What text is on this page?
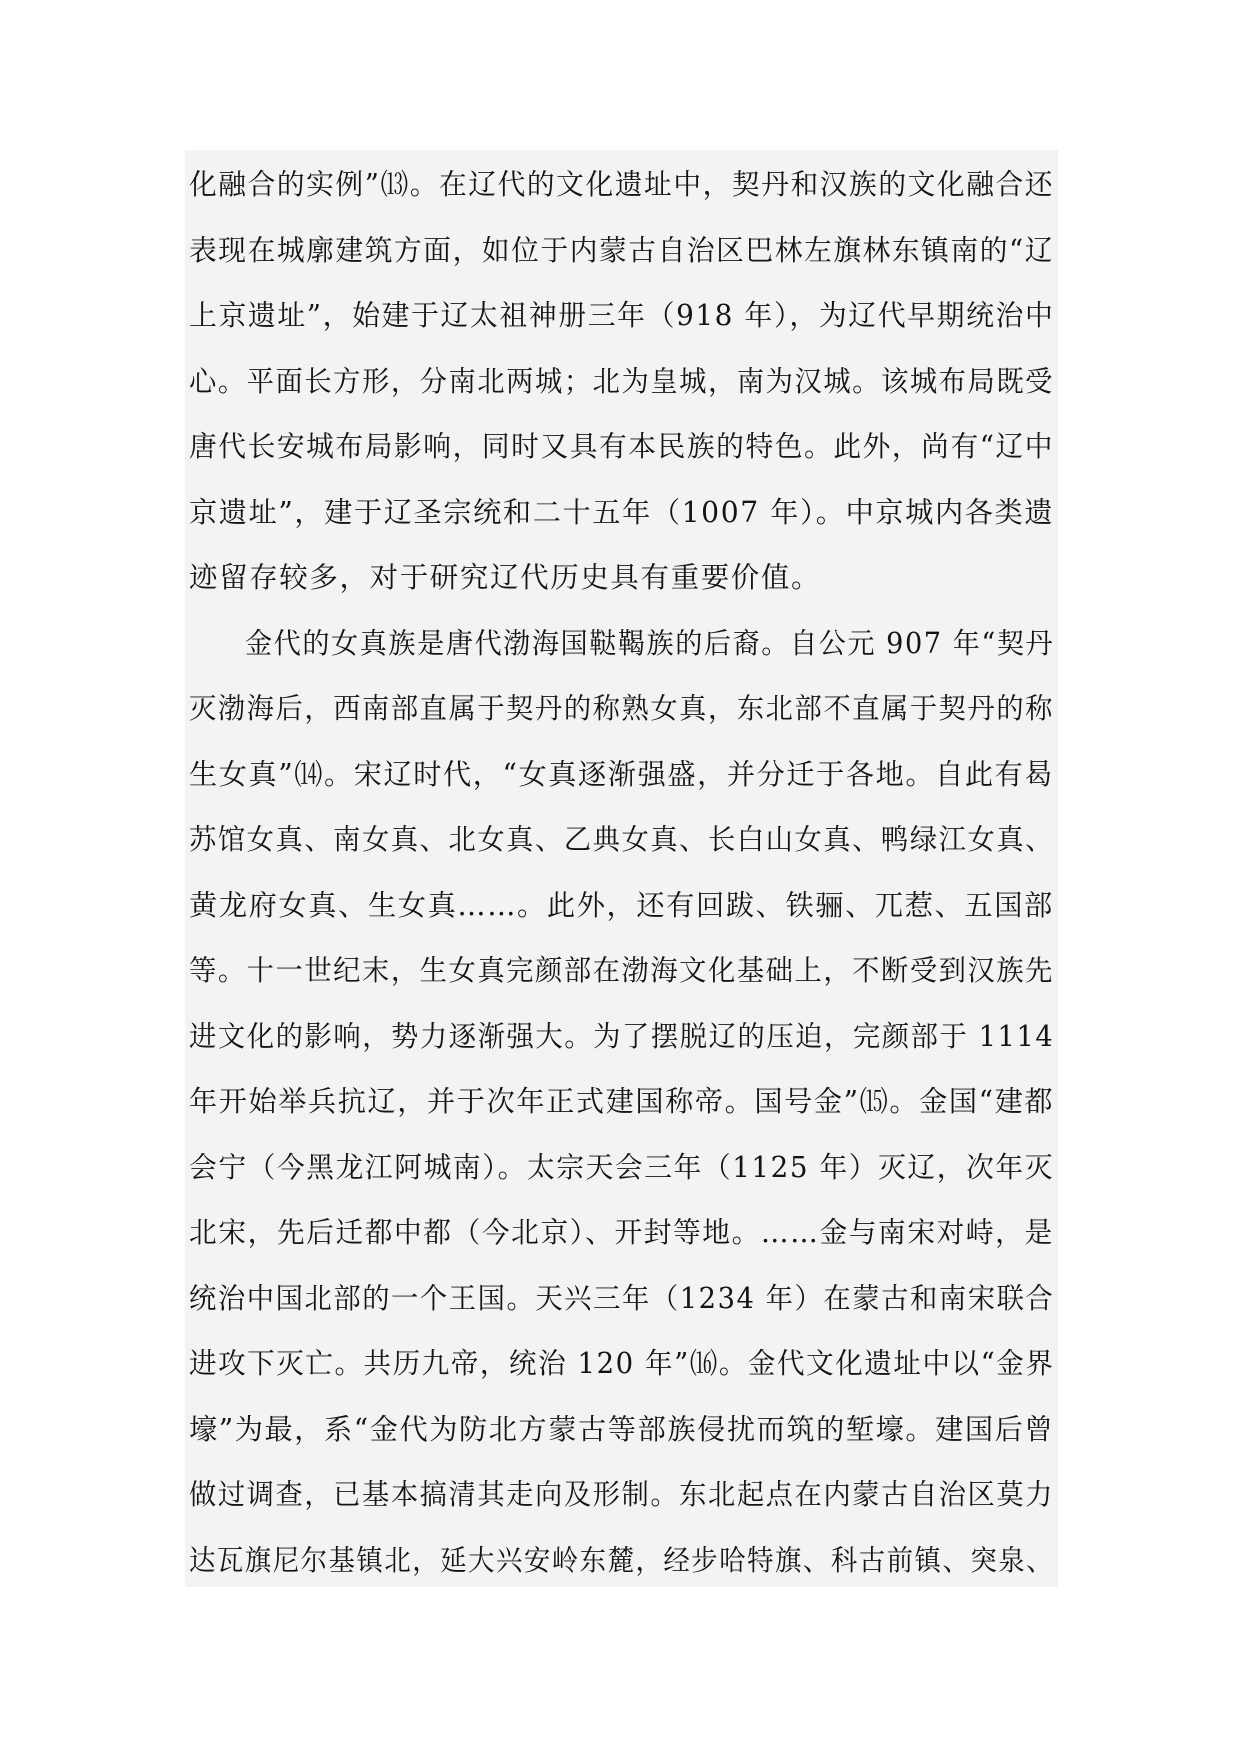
化融合的实例”⒀。在辽代的文化遗址中，契丹和汉族的文化融合还
表现在城廓建筑方面，如位于内蒙古自治区巴林左旗林东镇南的“辽
上京遗址”，始建于辽太祖神册三年（918 年），为辽代早期统治中
心。平面长方形，分南北两城；北为皇城，南为汉城。该城布局既受
唐代长安城布局影响，同时又具有本民族的特色。此外，尚有“辽中
京遗址”，建于辽圣宗统和二十五年（1007 年）。中京城内各类遗
迹留存较多，对于研究辽代历史具有重要价值。
金代的女真族是唐代渤海国鞑鞨族的后裔。自公元 907 年“契丹
灭渤海后，西南部直属于契丹的称熟女真，东北部不直属于契丹的称
生女真”⒁。宋辽时代，“女真逐渐强盛，并分迁于各地。自此有曷
苏馆女真、南女真、北女真、乙典女真、长白山女真、鸭绿江女真、
黄龙府女真、生女真……。此外，还有回跋、铁骊、兀惹、五国部
等。十一世纪末，生女真完颜部在渤海文化基础上，不断受到汉族先
进文化的影响，势力逐渐强大。为了摆脱辽的压迫，完颜部于 1114
年开始举兵抗辽，并于次年正式建国称帝。国号金”⒂。金国“建都
会宁（今黑龙江阿城南）。太宗天会三年（1125 年）灭辽，次年灭
北宋，先后迁都中都（今北京）、开封等地。……金与南宋对峙，是
统治中国北部的一个王国。天兴三年（1234 年）在蒙古和南宋联合
进攻下灭亡。共历九帝，统治 120 年”⒃。金代文化遗址中以“金界
壕”为最，系“金代为防北方蒙古等部族侵扰而筑的堑壕。建国后曾
做过调查，已基本搞清其走向及形制。东北起点在内蒙古自治区莫力
达瓦旗尼尔基镇北，延大兴安岭东麓，经步哈特旗、科古前镇、突泉、
